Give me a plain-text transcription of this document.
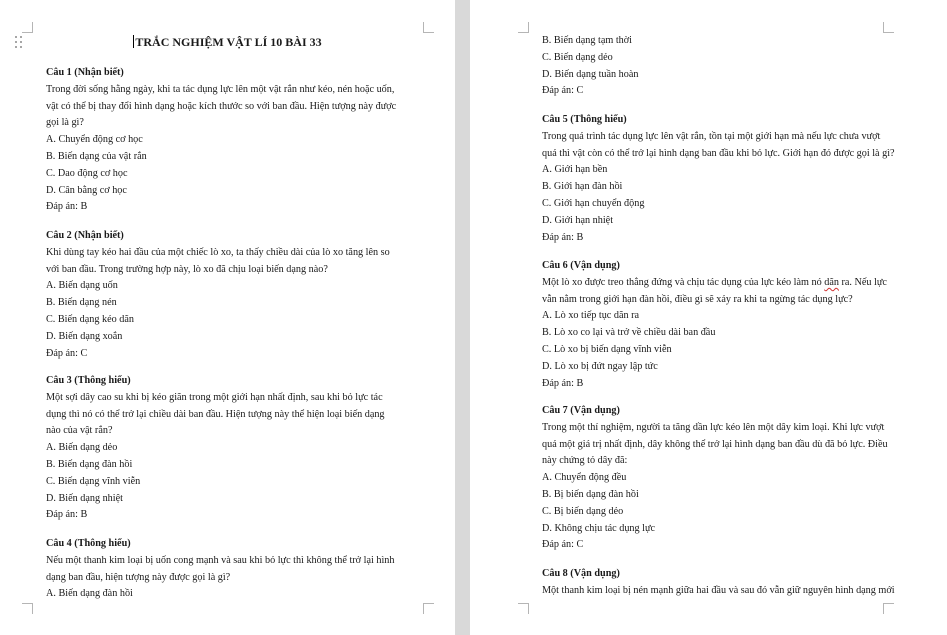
TRẮC NGHIỆM VẬT LÍ 10 BÀI 33
Câu 1 (Nhận biết)
Trong đời sống hằng ngày, khi ta tác dụng lực lên một vật rắn như kéo, nén hoặc uốn,
vật có thể bị thay đổi hình dạng hoặc kích thước so với ban đầu. Hiện tượng này được
gọi là gì?
A. Chuyển động cơ học
B. Biến dạng của vật rắn
C. Dao động cơ học
D. Cân bằng cơ học
Đáp án: B
Câu 2 (Nhận biết)
Khi dùng tay kéo hai đầu của một chiếc lò xo, ta thấy chiều dài của lò xo tăng lên so
với ban đầu. Trong trường hợp này, lò xo đã chịu loại biến dạng nào?
A. Biến dạng uốn
B. Biến dạng nén
C. Biến dạng kéo dãn
D. Biến dạng xoắn
Đáp án: C
Câu 3 (Thông hiểu)
Một sợi dây cao su khi bị kéo giãn trong một giới hạn nhất định, sau khi bỏ lực tác
dụng thì nó có thể trở lại chiều dài ban đầu. Hiện tượng này thể hiện loại biến dạng
nào của vật rắn?
A. Biến dạng dẻo
B. Biến dạng đàn hồi
C. Biến dạng vĩnh viễn
D. Biến dạng nhiệt
Đáp án: B
Câu 4 (Thông hiểu)
Nếu một thanh kim loại bị uốn cong mạnh và sau khi bỏ lực thì không thể trở lại hình
dạng ban đầu, hiện tượng này được gọi là gì?
A. Biến dạng đàn hồi
B. Biến dạng tạm thời
C. Biến dạng dẻo
D. Biến dạng tuần hoàn
Đáp án: C
Câu 5 (Thông hiểu)
Trong quá trình tác dụng lực lên vật rắn, tồn tại một giới hạn mà nếu lực chưa vượt
quá thì vật còn có thể trở lại hình dạng ban đầu khi bỏ lực. Giới hạn đó được gọi là gì?
A. Giới hạn bền
B. Giới hạn đàn hồi
C. Giới hạn chuyển động
D. Giới hạn nhiệt
Đáp án: B
Câu 6 (Vận dụng)
Một lò xo được treo thẳng đứng và chịu tác dụng của lực kéo làm nó dãn ra. Nếu lực
vẫn nằm trong giới hạn đàn hồi, điều gì sẽ xảy ra khi ta ngừng tác dụng lực?
A. Lò xo tiếp tục dãn ra
B. Lò xo co lại và trở về chiều dài ban đầu
C. Lò xo bị biến dạng vĩnh viễn
D. Lò xo bị đứt ngay lập tức
Đáp án: B
Câu 7 (Vận dụng)
Trong một thí nghiệm, người ta tăng dần lực kéo lên một dây kim loại. Khi lực vượt
quá một giá trị nhất định, dây không thể trở lại hình dạng ban đầu dù đã bỏ lực. Điều
này chứng tỏ dây đã:
A. Chuyển động đều
B. Bị biến dạng đàn hồi
C. Bị biến dạng dẻo
D. Không chịu tác dụng lực
Đáp án: C
Câu 8 (Vận dụng)
Một thanh kim loại bị nén mạnh giữa hai đầu và sau đó vẫn giữ nguyên hình dạng mới
